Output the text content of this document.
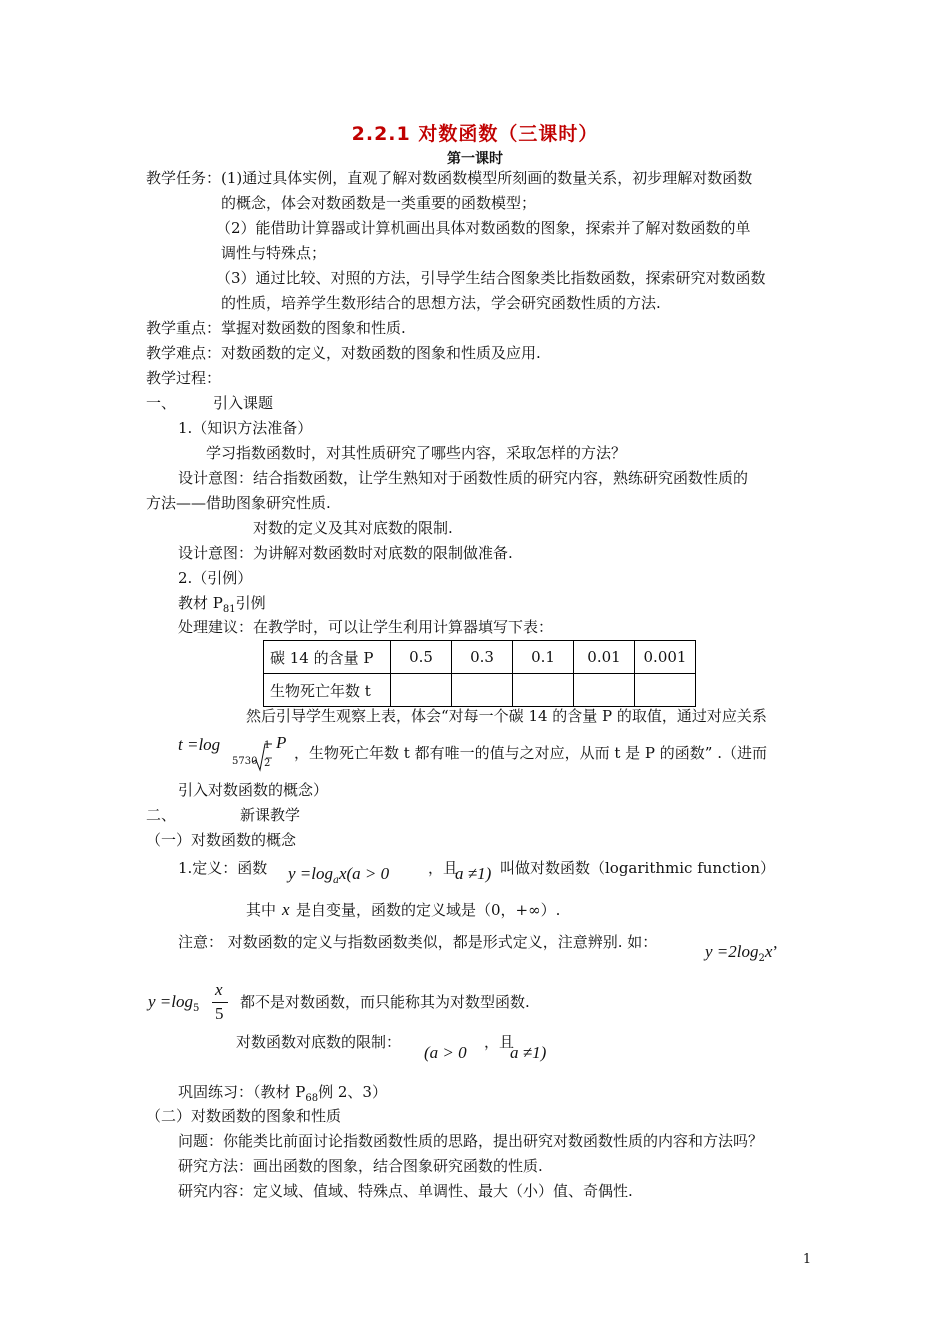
2.2.1 对数函数（三课时）
第一课时
教学任务：(1)通过具体实例，直观了解对数函数模型所刻画的数量关系，初步理解对数函数
的概念，体会对数函数是一类重要的函数模型；
（2）能借助计算器或计算机画出具体对数函数的图象，探索并了解对数函数的单
调性与特殊点；
（3）通过比较、对照的方法，引导学生结合图象类比指数函数，探索研究对数函数
的性质，培养学生数形结合的思想方法，学会研究函数性质的方法.
教学重点：掌握对数函数的图象和性质.
教学难点：对数函数的定义，对数函数的图象和性质及应用.
教学过程：
一、 引入课题
1.（知识方法准备）
学习指数函数时，对其性质研究了哪些内容，采取怎样的方法？
设计意图：结合指数函数，让学生熟知对于函数性质的研究内容，熟练研究函数性质的
方法——借助图象研究性质.
对数的定义及其对底数的限制.
设计意图：为讲解对数函数时对底数的限制做准备.
2.（引例）
教材 $P_{81}$引例
处理建议：在教学时，可以让学生利用计算器填写下表：
碳 14 的含量 P	0.5	0.3	0.1	0.01	0.001
生物死亡年数 t					
然后引导学生观察上表，体会“对每一个碳 14 的含量 P 的取值，通过对应关系
t =log
5730
1
2
P
，生物死亡年数 t 都有唯一的值与之对应，从而 t 是 P 的函数” .（进而
引入对数函数的概念）
二、	新课教学
（一）对数函数的概念
1.定义：函数 $y =\log_ax(a > 0$	，且
a ≠1) 叫做对数函数（logarithmic function）
其中 x 是自变量，函数的定义域是（0，+∞）.
注意： 对数函数的定义与指数函数类似，都是形式定义，注意辨别. 如：	$y =2\log_2x$’
$y =\log_5$
x
5
都不是对数函数，而只能称其为对数型函数.
对数函数对底数的限制：
(a > 0
，且
a ≠1)
巩固练习：（教材 $P_{68}$例 2、3）
（二）对数函数的图象和性质
问题：你能类比前面讨论指数函数性质的思路，提出研究对数函数性质的内容和方法吗？
研究方法：画出函数的图象，结合图象研究函数的性质.
研究内容：定义域、值域、特殊点、单调性、最大（小）值、奇偶性.
1
